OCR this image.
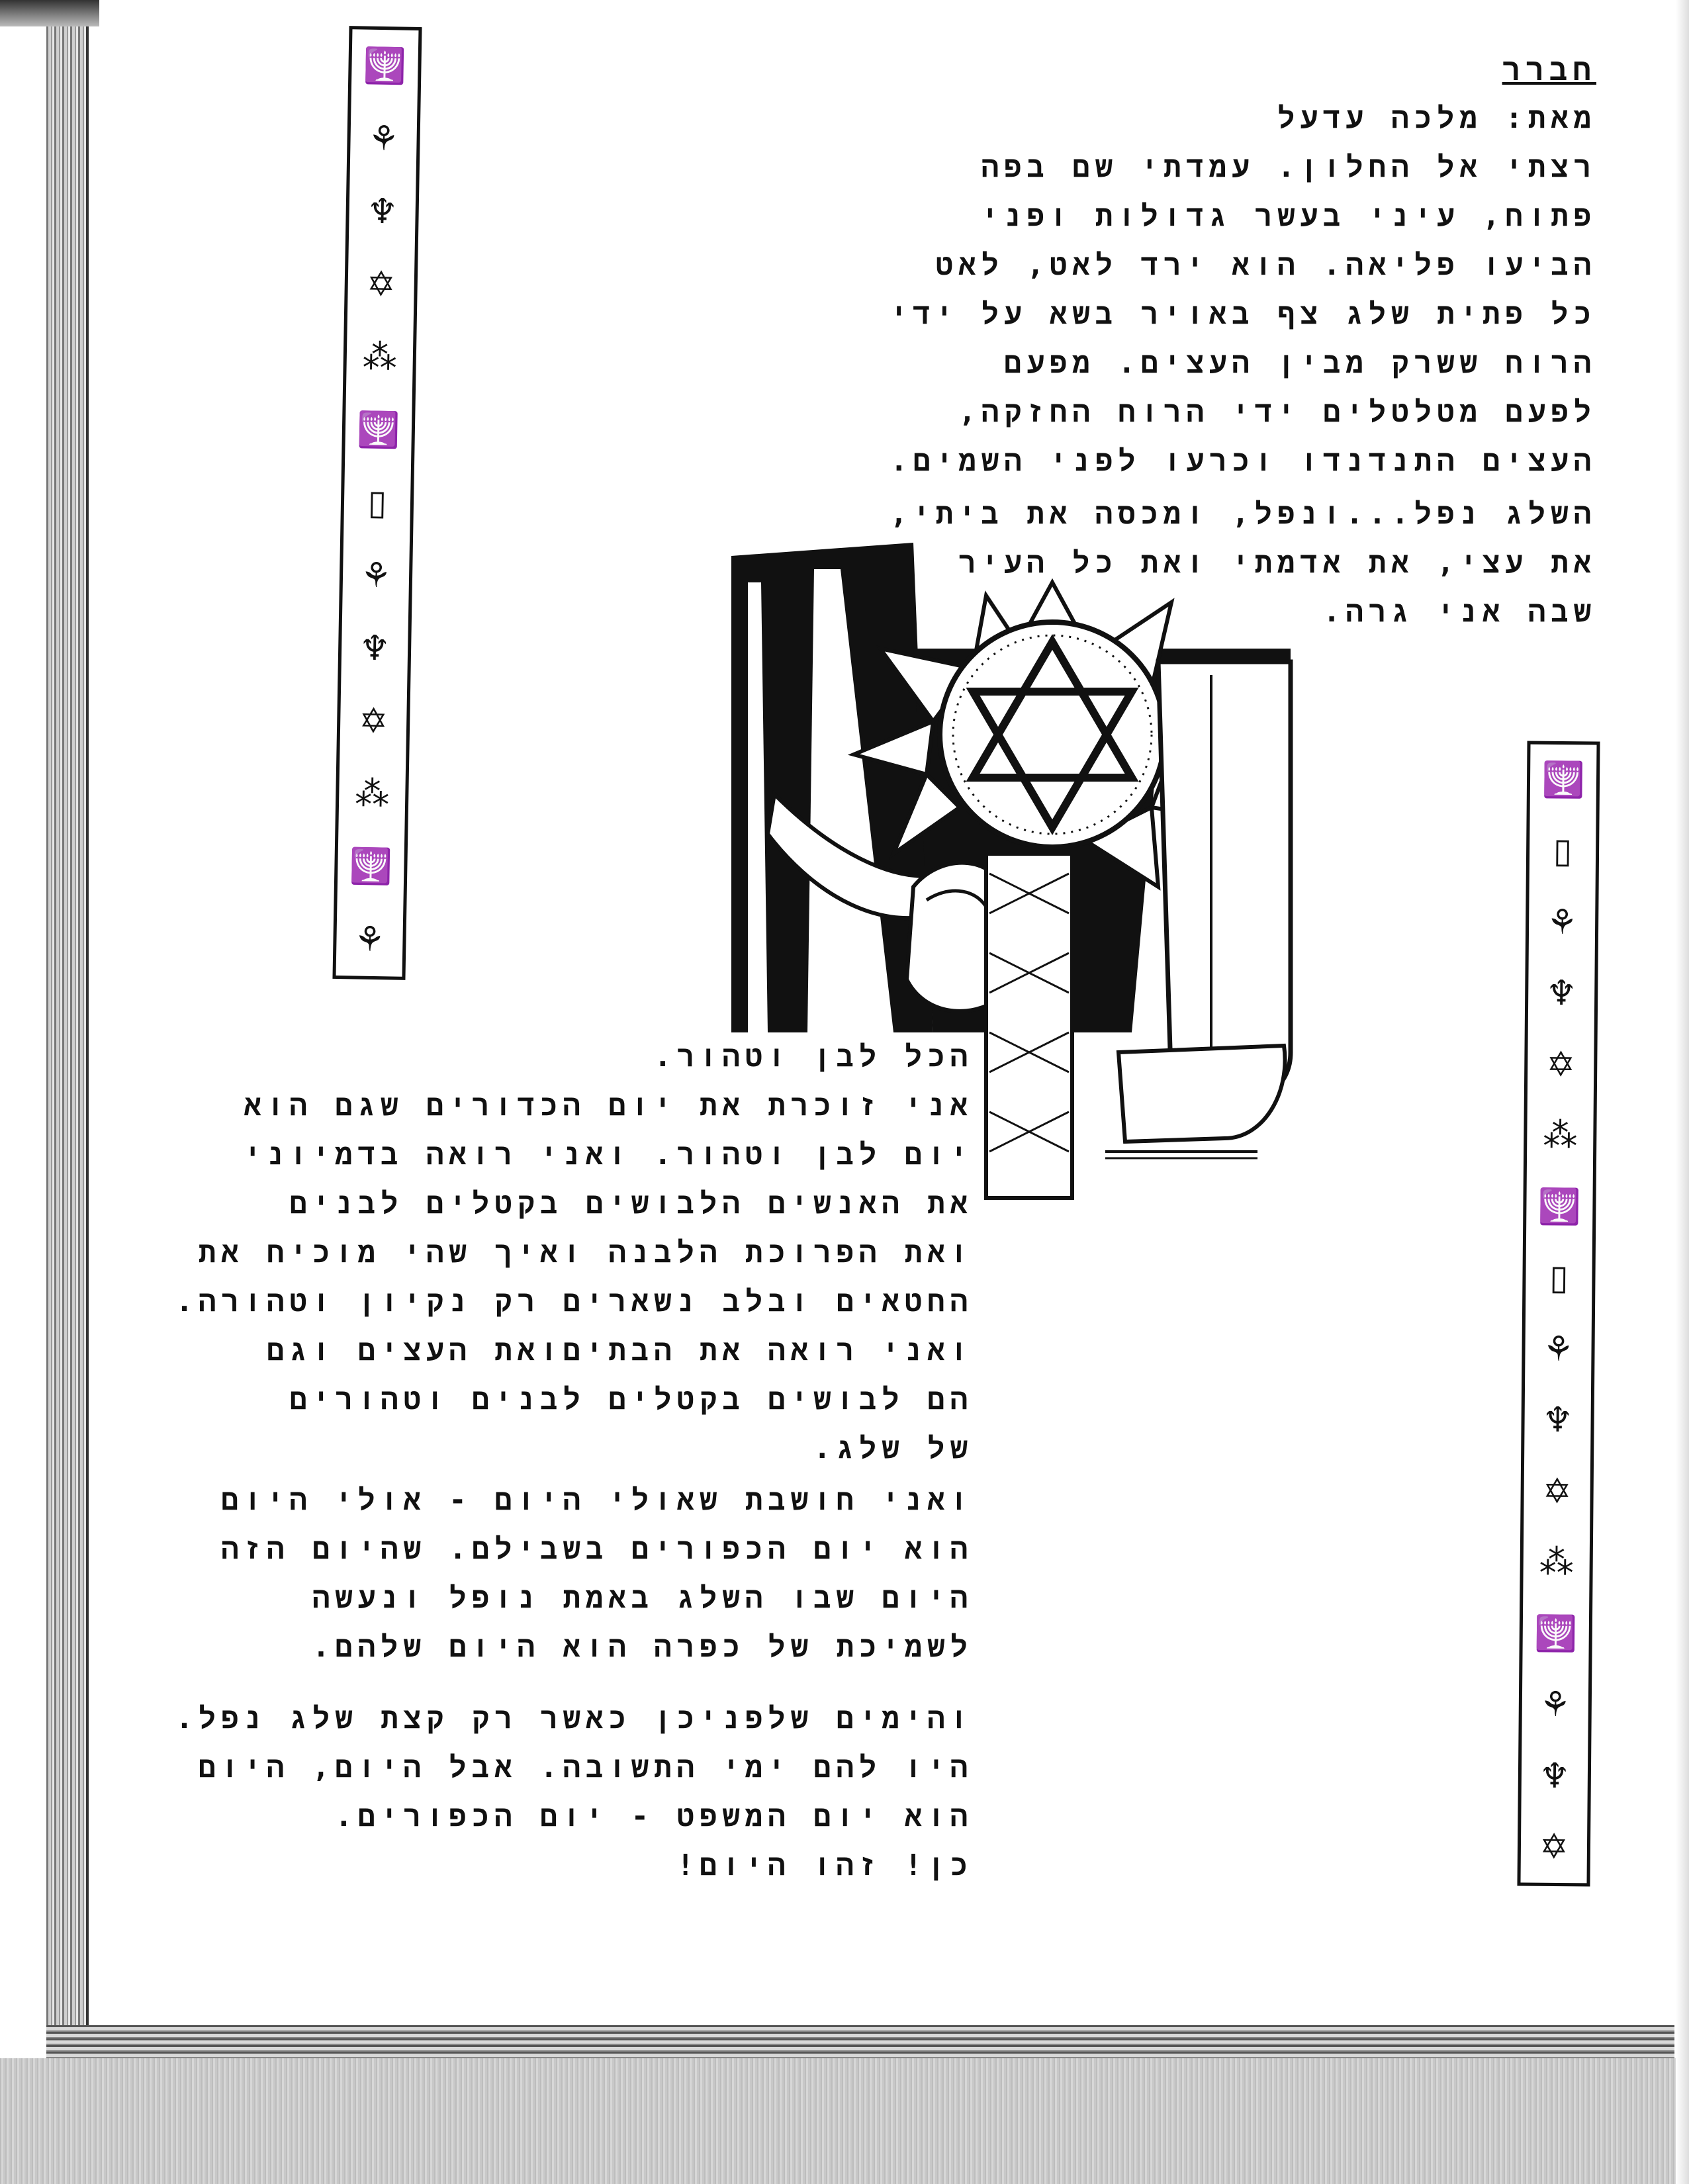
🕎
⚘
♆
✡
⁂
🕎
▯
⚘
♆
✡
⁂
🕎
⚘
🕎
▯
⚘
♆
✡
⁂
🕎
▯
⚘
♆
✡
⁂
🕎
⚘
♆
✡
חברר
מאת: מלכה עדעל
רצתי אל החלון. עמדתי שם בפה
פתוח, עיני בעשר גדולות ופני
הביעו פליאה. הוא ירד לאט, לאט
כל פתית שלג צף באויר בשא על ידי
הרוח ששרק מבין העצים. מפעם
לפעם מטלטלים ידי הרוח החזקה,
העצים התנדנדו וכרעו לפני השמים.
השלג נפל...ונפל, ומכסה את ביתי,
את עצי, את אדמתי ואת כל העיר
שבה אני גרה.
הכל לבן וטהור.
אני זוכרת את יום הכדורים שגם הוא
יום לבן וטהור. ואני רואה בדמיוני
את האנשים הלבושים בקטלים לבנים
ואת הפרוכת הלבנה ואיך שהי מוכיח את
החטאים ובלב נשארים רק נקיון וטהורה.
ואני רואה את הבתיםואת העצים וגם
הם לבושים בקטלים לבנים וטהורים
של שלג.
ואני חושבת שאולי היום - אולי היום
הוא יום הכפורים בשבילם. שהיום הזה
היום שבו השלג באמת נופל ונעשה
לשמיכת של כפרה הוא היום שלהם.
והימים שלפניכן כאשר רק קצת שלג נפל.
היו להם ימי התשובה. אבל היום, היום
הוא יום המשפט - יום הכפורים.
כן! זהו היום!
